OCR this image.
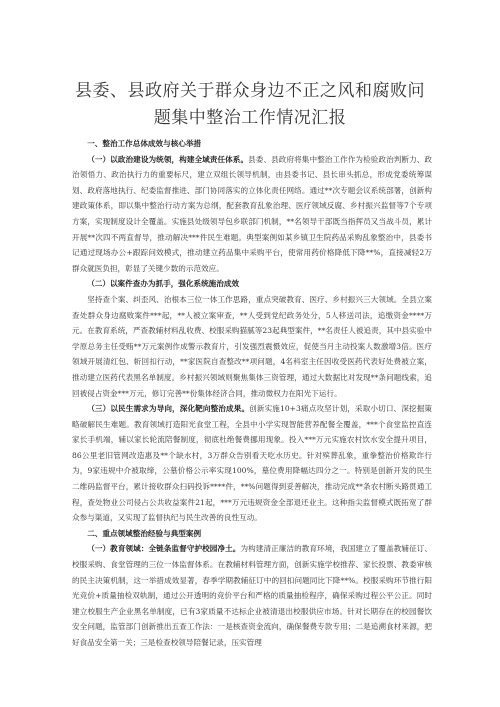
县委、县政府关于群众身边不正之风和腐败问题集中整治工作情况汇报

一、整治工作总体成效与核心举措

（一）以政治建设为统领，构建全域责任体系。县委、县政府将集中整治工作作为检验政治判断力、政治领悟力、政治执行力的重要标尺，建立双组长领导机制，由县委书记、县长串头抓总，形成党委统筹谋划、政府落地执行、纪委监督推进、部门协同落实的立体化责任网络。通过**次专题会议系统部署，创新构建政策体系，即以集中整治行动方案为总纲，配套教育乱象治理、医疗领域反腐、乡村振兴监督等7个专项方案，实现制度设计全覆盖。实施县处级领导包乡联部门机制，**名领导干部既当指挥员又当战斗员，累计开展**次四不两直督导，推动解决***件民生难题。典型案例如某乡镇卫生院药品采购乱象整治中，县委书记通过现场办公+跟踪问效模式，推动建立药品集中采购平台，使常用药价格降低下降**%，直接减轻2万群众就医负担，彰显了关键少数的示范效应。

（二）以案件查办为抓手，强化系统施治成效

坚持查个案、纠歪风、治根本三位一体工作思路，重点突破教育、医疗、乡村振兴三大领域。全县立案查处群众身边腐败案件***起，**人被立案审查，**人受到党纪政务处分，5人移送司法，追缴资金****万元。在教育系统，严查教辅材料乱收费、校服采购猫腻等23起典型案件，**名责任人被追责，其中县实验中学原总务主任受贿**万元案例作成警示教育片，引发强烈震慑效应，促使当月主动投案人数激增3倍。医疗领域开展清红包、斩回扣行动，**家医院自查整改**项问题，4名科室主任因收受医药代表好处费被立案，推动建立医药代表黑名单制度。乡村振兴领域则聚焦集体三资管理，通过大数据比对发现**条问题线索，追回被侵占资金***万元，修订完善**份集体经济合同，推动微权力在阳光下运行。

（三）以民生需求为导向，深化靶向整治成果。创新实施10+3痛点攻坚计划，采取小切口、深挖掘策略破解民生难题。教育领域打造阳光食堂工程，全县中小学实现智能营养配餐全覆盖，***个食堂监控直连家长手机端，辅以家长轮流陪餐制度，彻底杜绝餐费挪用现象。投入***万元实施农村饮水安全提升项目，86公里老旧管网改造惠及**个缺水村，3万群众告别看天吃水历史。针对殡葬乱象，重拳整治价格欺诈行为，9家违规中介被取缔，公墓价格公示率实现100%，墓位费用降幅达四分之一。特别是创新开发的民生二维码监督平台，累计接收群众扫码投诉****件，**%问题得到妥善解决，推动完成**条农村断头路贯通工程，查处物业公司侵占公共收益案件21起，***万元违规资金全部退还业主。这种指尖监督模式既拓宽了群众参与渠道，又实现了监督执纪与民生改善的良性互动。

二、重点领域整治经验与典型案例

（一）教育领域：全链条监督守护校园净土。为构建清正廉洁的教育环境，我国建立了覆盖教辅征订、校服采购、食堂管理的三位一体监督体系。在教辅材料管理方面，创新实施学校推荐、家长投票、教委审核的民主决策机制，这一举措成效显著，春季学期教辅征订中的回扣问题同比下降**%。校服采购环节推行阳光竞价+质量抽检双轨制，通过公开透明的竞价平台和严格的质量抽检程序，确保采购过程公平公正。同时建立校服生产企业黑名单制度，已有3家质量不达标企业被清退出校服供应市场。针对长期存在的校园餐饮安全问题，监管部门创新推出五查工作法：一是核查资金流向，确保餐费专款专用；二是追溯食材来源，把好食品安全第一关；三是检查校领导陪餐记录，压实管理
